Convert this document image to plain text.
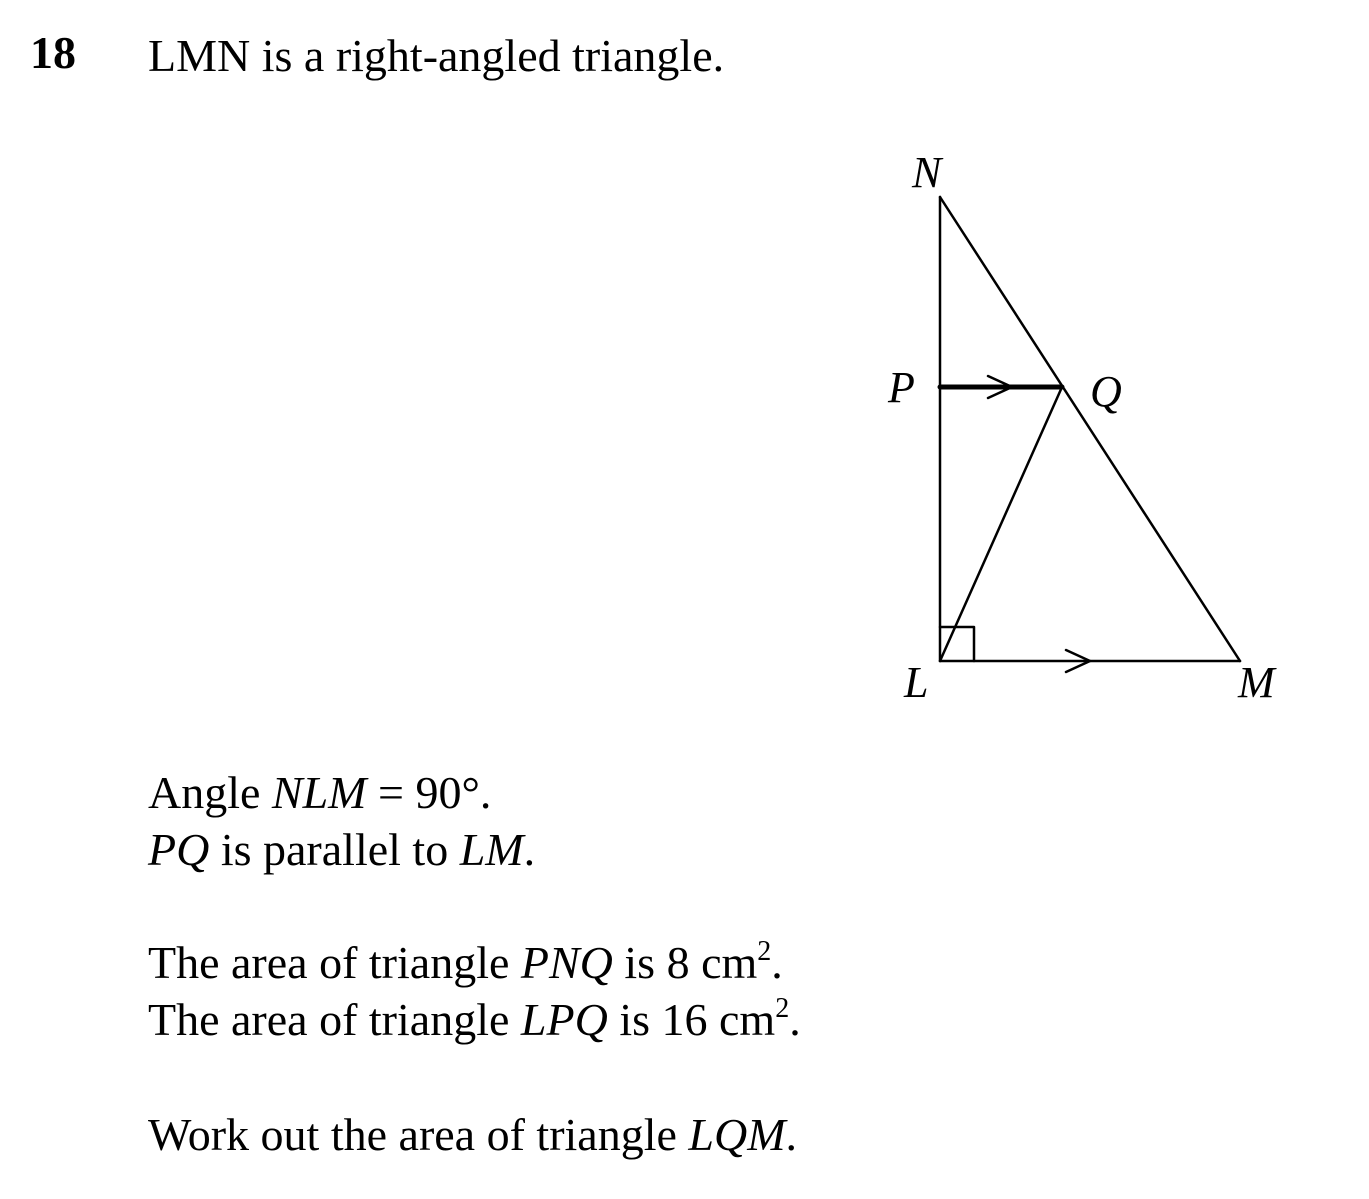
18 LMN is a right-angled triangle.
N
P	Q
L	M
Angle NLM = 90°.
PQ is parallel to LM.
The area of triangle PNQ is 8 $cm^2$.
The area of triangle LPQ is 16 $cm^2$.
Work out the area of triangle LQM.
